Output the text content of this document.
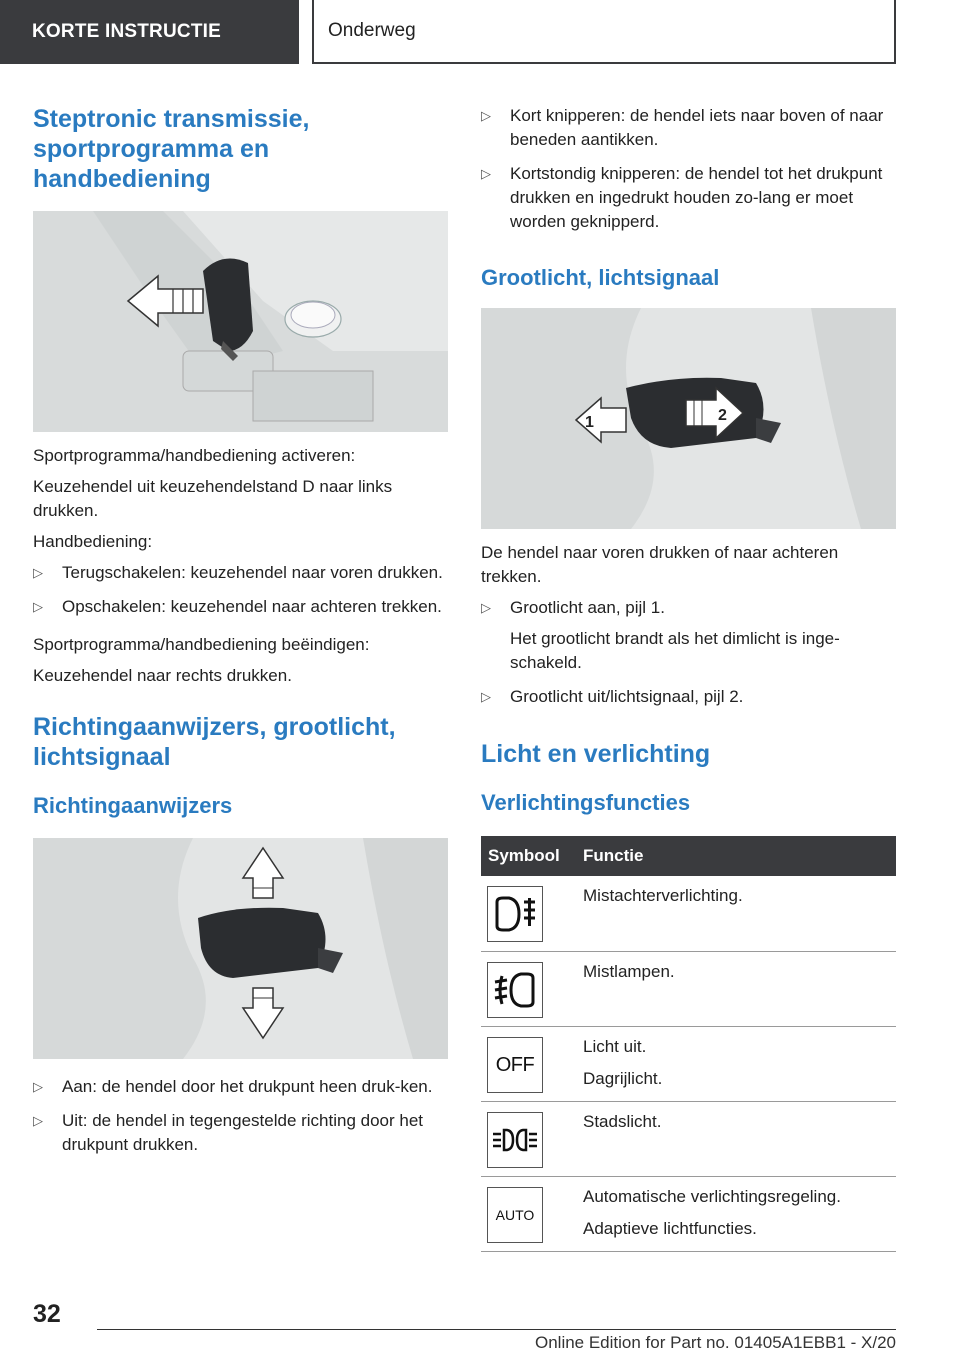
KORTE INSTRUCTIE	Onderweg
Steptronic transmissie, sportprogramma en handbediening

Sportprogramma/handbediening activeren:

Keuzehendel uit keuzehendelstand D naar links drukken.

Handbediening:

▷ Terugschakelen: keuzehendel naar voren drukken.
▷ Opschakelen: keuzehendel naar achteren trekken.

Sportprogramma/handbediening beëindigen:

Keuzehendel naar rechts drukken.

Richtingaanwijzers, grootlicht, lichtsignaal
Richtingaanwijzers
▷ Aan: de hendel door het drukpunt heen druk-ken.
▷ Uit: de hendel in tegengestelde richting door het drukpunt drukken.
▷ Kort knipperen: de hendel iets naar boven of naar beneden aantikken.
▷ Kortstondig knipperen: de hendel tot het drukpunt drukken en ingedrukt houden zo-lang er moet worden geknipperd.
Grootlicht, lichtsignaal
1	2

De hendel naar voren drukken of naar achteren trekken.

▷ Grootlicht aan, pijl 1.
Het grootlicht brandt als het dimlicht is inge-schakeld.
▷ Grootlicht uit/lichtsignaal, pijl 2.
Licht en verlichting
Verlichtingsfuncties
Symbool	Functie

Mistachterverlichting.

Mistlampen.

OFF	Licht uit.
Dagrijlicht.

Stadslicht.

AUTO	Automatische verlichtingsregeling.
Adaptieve lichtfuncties.
32
Online Edition for Part no. 01405A1EBB1 - X/20
